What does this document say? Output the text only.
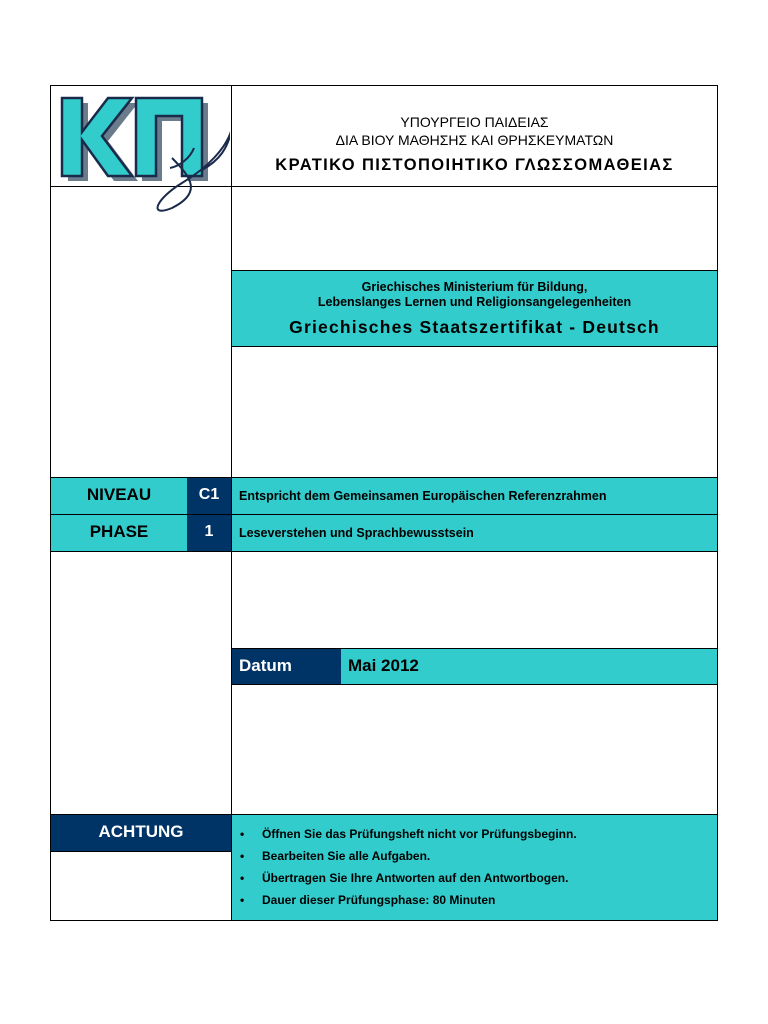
ΥΠΟΥΡΓΕΙΟ ΠΑΙΔΕΙΑΣ
ΔΙΑ ΒΙΟΥ ΜΑΘΗΣΗΣ ΚΑΙ ΘΡΗΣΚΕΥΜΑΤΩΝ
ΚΡΑΤΙΚΟ ΠΙΣΤΟΠΟΙΗΤΙΚΟ ΓΛΩΣΣΟΜΑΘΕΙΑΣ
Griechisches Ministerium für Bildung,
Lebenslanges Lernen und Religionsangelegenheiten
Griechisches Staatszertifikat - Deutsch
NIVEAU	C1	Entspricht dem Gemeinsamen Europäischen Referenzrahmen
PHASE	1	Leseverstehen und Sprachbewusstsein
Datum	Mai 2012
ACHTUNG
•	Öffnen Sie das Prüfungsheft nicht vor Prüfungsbeginn.
• Bearbeiten Sie alle Aufgaben.
• Übertragen Sie Ihre Antworten auf den Antwortbogen.
• Dauer dieser Prüfungsphase: 80 Minuten
